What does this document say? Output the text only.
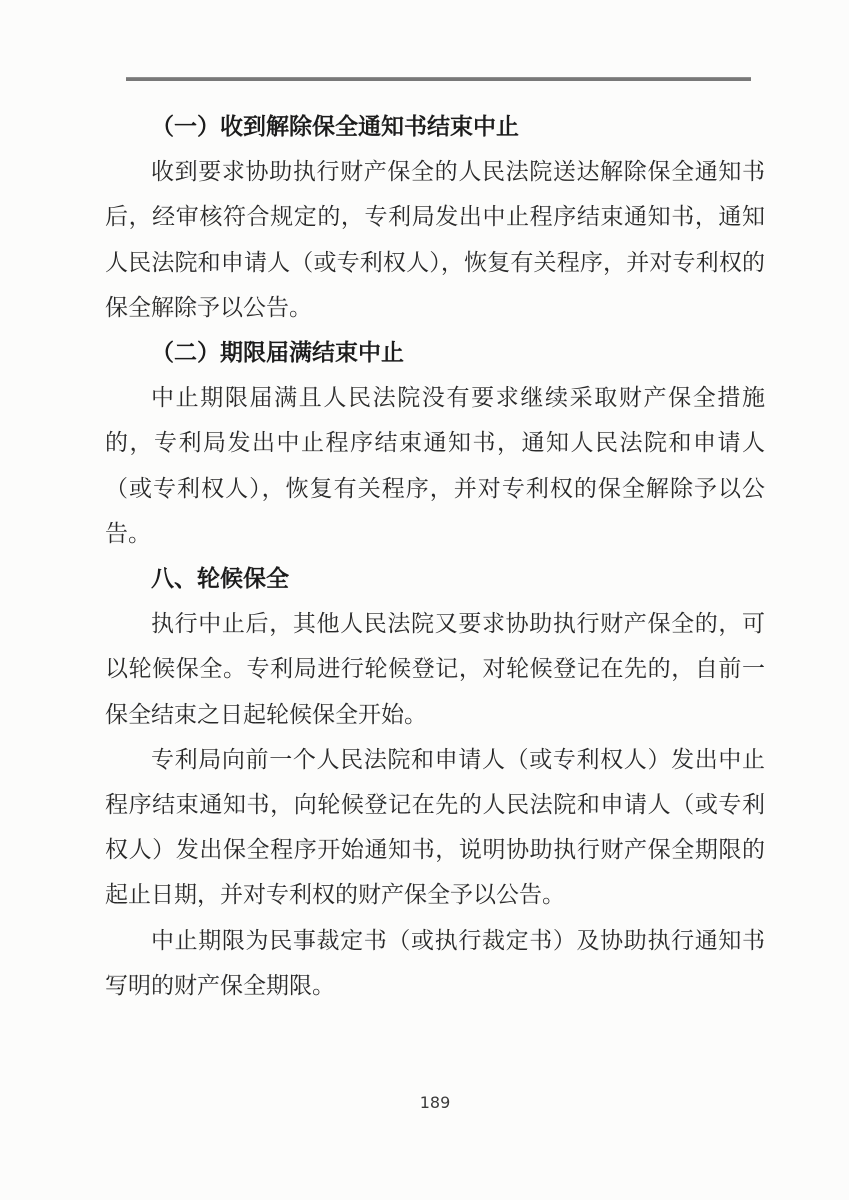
（一）收到解除保全通知书结束中止

收到要求协助执行财产保全的人民法院送达解除保全通知书后，经审核符合规定的，专利局发出中止程序结束通知书，通知人民法院和申请人（或专利权人），恢复有关程序，并对专利权的保全解除予以公告。

（二）期限届满结束中止

中止期限届满且人民法院没有要求继续采取财产保全措施的，专利局发出中止程序结束通知书，通知人民法院和申请人（或专利权人），恢复有关程序，并对专利权的保全解除予以公告。

八、轮候保全

执行中止后，其他人民法院又要求协助执行财产保全的，可以轮候保全。专利局进行轮候登记，对轮候登记在先的，自前一保全结束之日起轮候保全开始。

专利局向前一个人民法院和申请人（或专利权人）发出中止程序结束通知书，向轮候登记在先的人民法院和申请人（或专利权人）发出保全程序开始通知书，说明协助执行财产保全期限的起止日期，并对专利权的财产保全予以公告。

中止期限为民事裁定书（或执行裁定书）及协助执行通知书写明的财产保全期限。

189
